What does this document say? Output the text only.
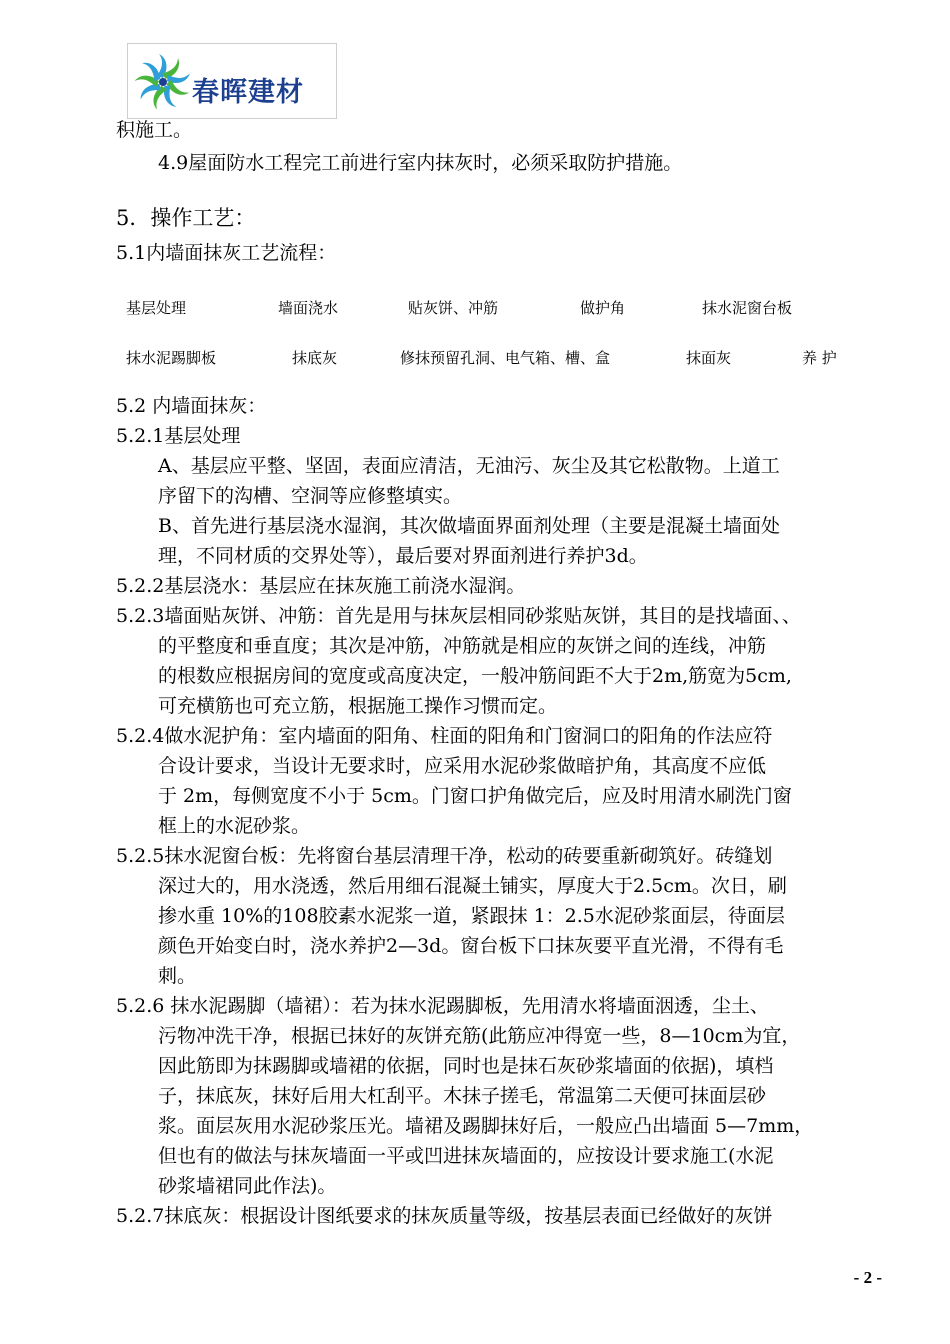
春晖建材
积施工。
4.9屋面防水工程完工前进行室内抹灰时，必须采取防护措施。
5．操作工艺：
5.1内墙面抹灰工艺流程：
基层处理	墙面浇水	贴灰饼、冲筋	做护角	抹水泥窗台板
抹水泥踢脚板	抹底灰	修抹预留孔洞、电气箱、槽、盒	抹面灰	养 护
5.2 内墙面抹灰：
5.2.1基层处理
A、基层应平整、坚固，表面应清洁，无油污、灰尘及其它松散物。上道工
序留下的沟槽、空洞等应修整填实。
B、首先进行基层浇水湿润，其次做墙面界面剂处理（主要是混凝土墙面处
理，不同材质的交界处等），最后要对界面剂进行养护3d。
5.2.2基层浇水：基层应在抹灰施工前浇水湿润。
5.2.3墙面贴灰饼、冲筋：首先是用与抹灰层相同砂浆贴灰饼，其目的是找墙面、、
的平整度和垂直度；其次是冲筋，冲筋就是相应的灰饼之间的连线，冲筋
的根数应根据房间的宽度或高度决定，一般冲筋间距不大于2m,筋宽为5cm,
可充横筋也可充立筋，根据施工操作习惯而定。
5.2.4做水泥护角：室内墙面的阳角、柱面的阳角和门窗洞口的阳角的作法应符
合设计要求，当设计无要求时，应采用水泥砂浆做暗护角，其高度不应低
于 2m，每侧宽度不小于 5cm。门窗口护角做完后，应及时用清水刷洗门窗
框上的水泥砂浆。
5.2.5抹水泥窗台板：先将窗台基层清理干净，松动的砖要重新砌筑好。砖缝划
深过大的，用水浇透，然后用细石混凝土铺实，厚度大于2.5cm。次日，刷
掺水重 10%的108胶素水泥浆一道，紧跟抹 1：2.5水泥砂浆面层，待面层
颜色开始变白时，浇水养护2—3d。窗台板下口抹灰要平直光滑，不得有毛
刺。
5.2.6 抹水泥踢脚（墙裙）：若为抹水泥踢脚板，先用清水将墙面洇透，尘土、
污物冲洗干净，根据已抹好的灰饼充筋(此筋应冲得宽一些，8—10cm为宜，
因此筋即为抹踢脚或墙裙的依据，同时也是抹石灰砂浆墙面的依据)，填档
子，抹底灰，抹好后用大杠刮平。木抹子搓毛，常温第二天便可抹面层砂
浆。面层灰用水泥砂浆压光。墙裙及踢脚抹好后，一般应凸出墙面 5—7mm，
但也有的做法与抹灰墙面一平或凹进抹灰墙面的，应按设计要求施工(水泥
砂浆墙裙同此作法)。
5.2.7抹底灰：根据设计图纸要求的抹灰质量等级，按基层表面已经做好的灰饼
- 2 -
